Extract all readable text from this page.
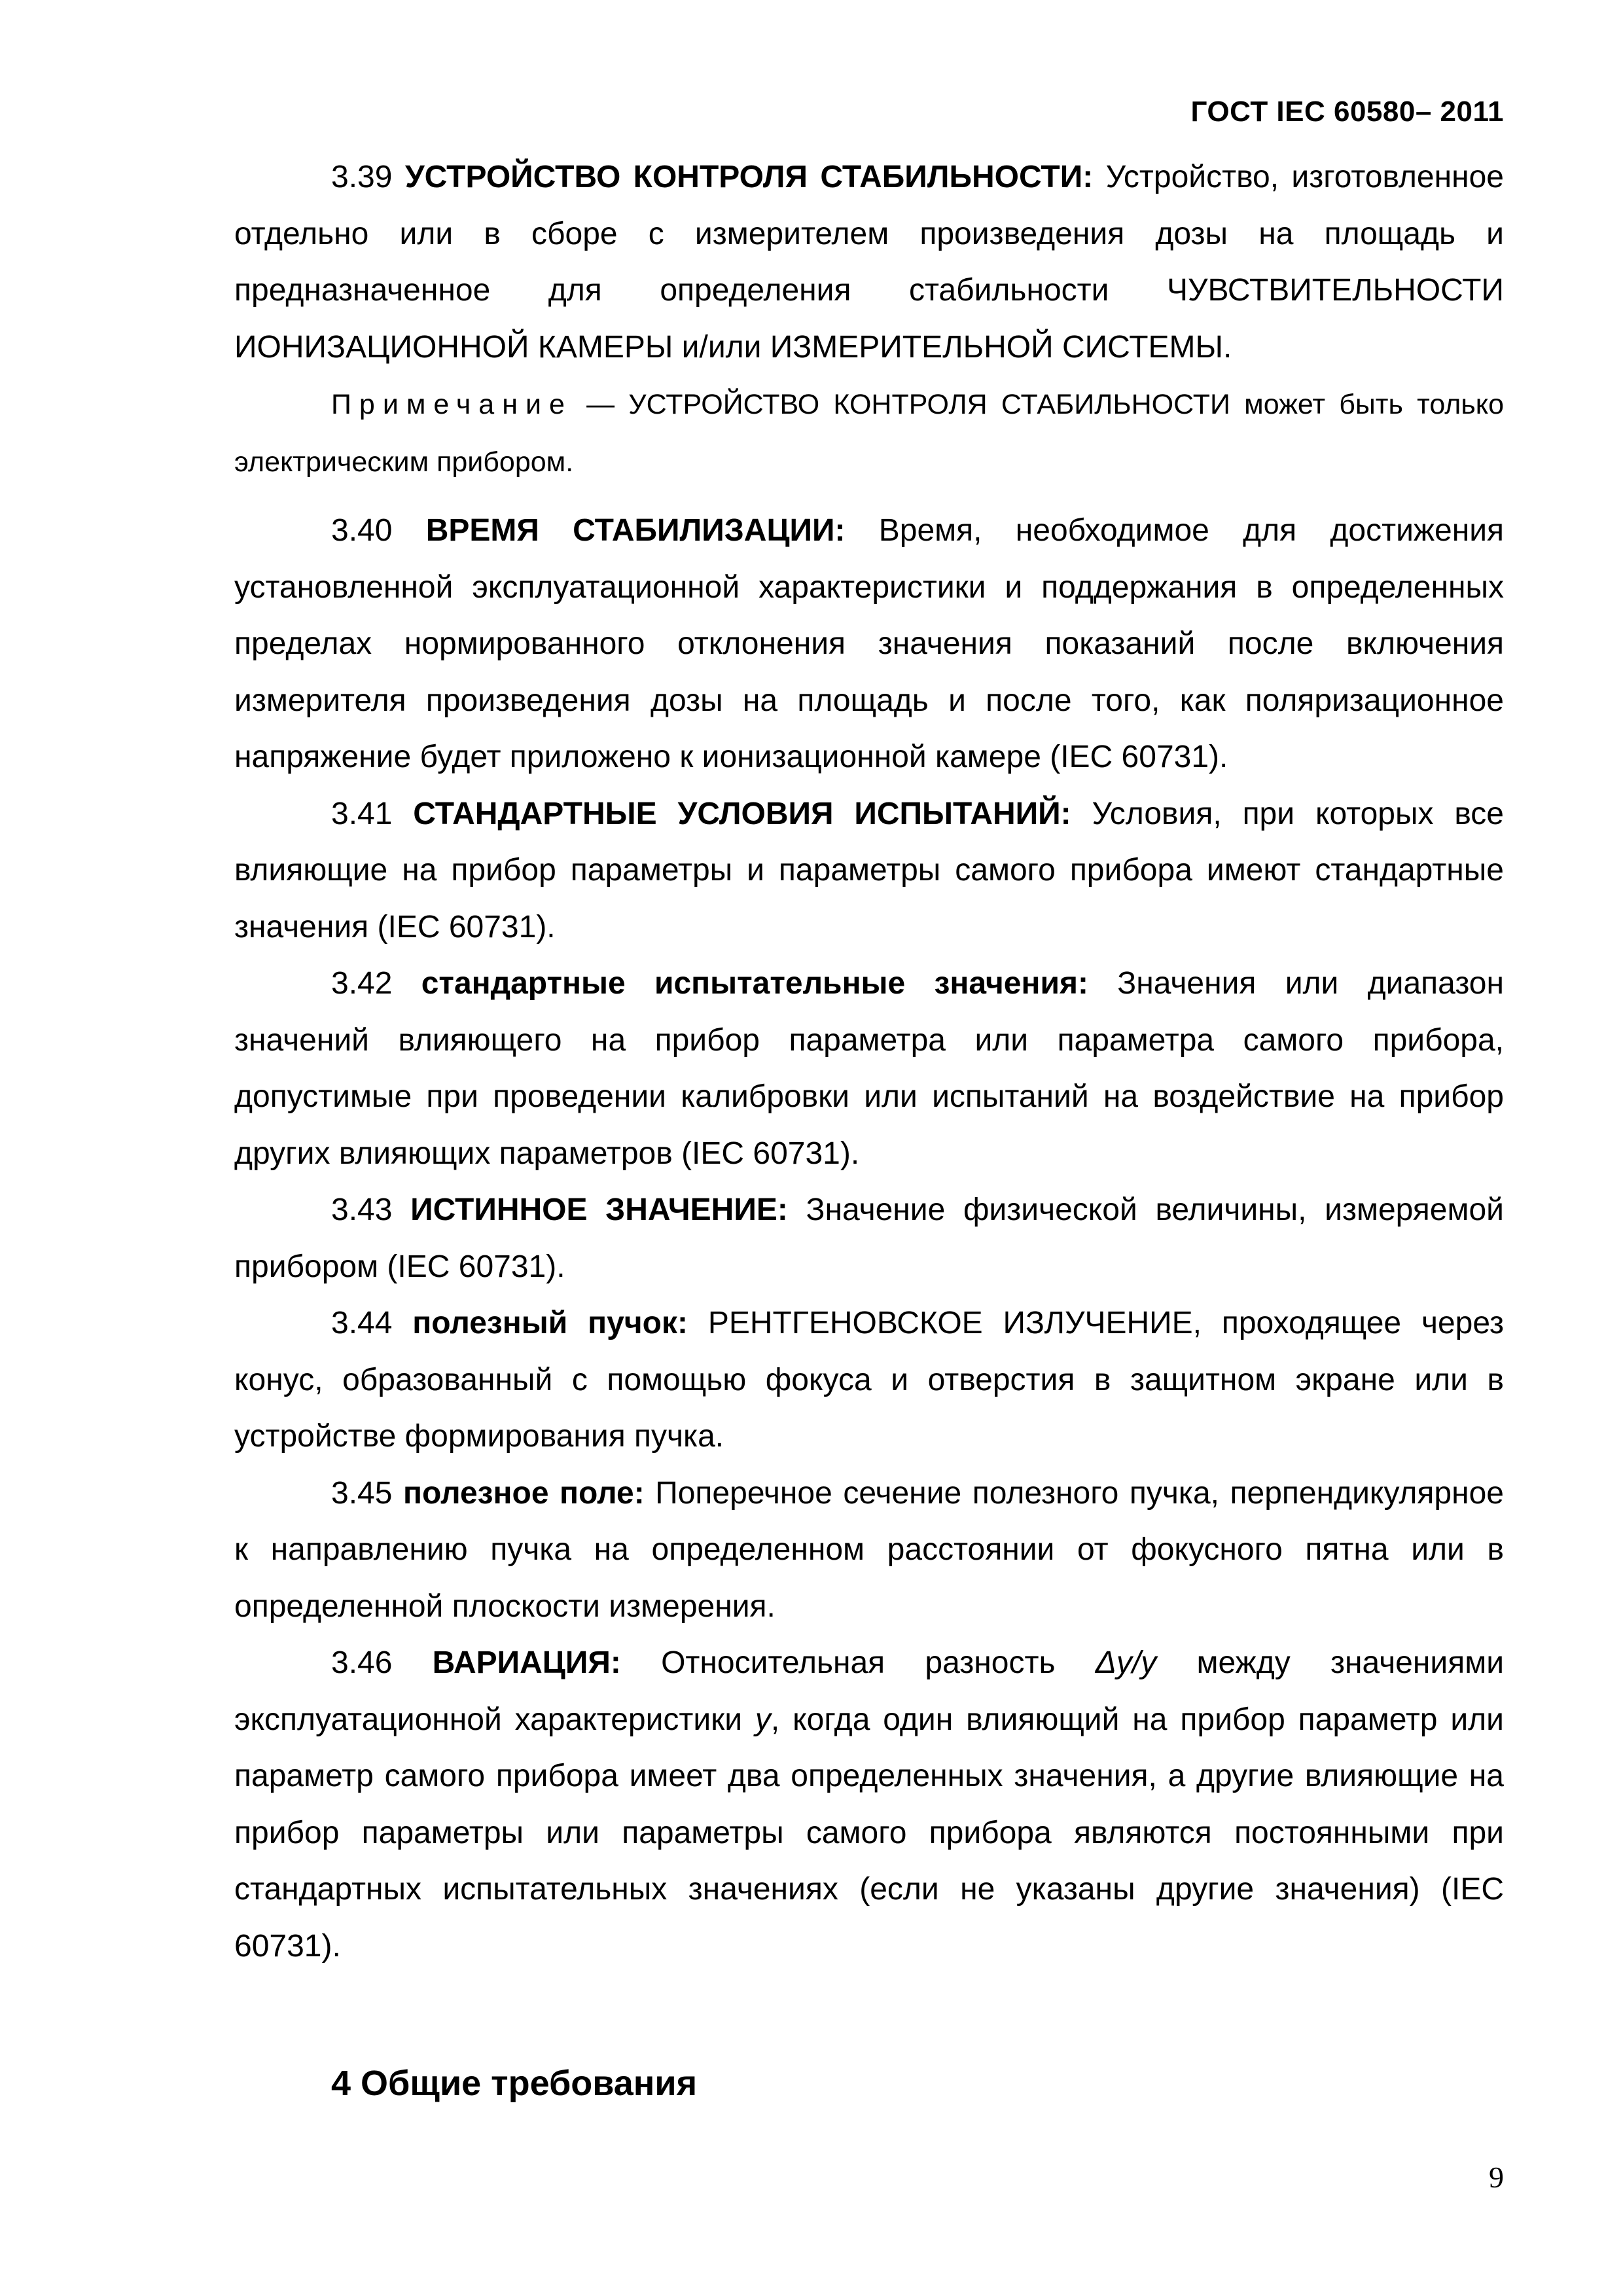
ГОСТ IEC 60580– 2011

3.39 УСТРОЙСТВО КОНТРОЛЯ СТАБИЛЬНОСТИ: Устройство, изготовленное отдельно или в сборе с измерителем произведения дозы на площадь и предназначенное для определения стабильности ЧУВСТВИТЕЛЬНОСТИ ИОНИЗАЦИОННОЙ КАМЕРЫ и/или ИЗМЕРИТЕЛЬНОЙ СИСТЕМЫ.

Примечание — УСТРОЙСТВО КОНТРОЛЯ СТАБИЛЬНОСТИ может быть только электрическим прибором.

3.40 ВРЕМЯ СТАБИЛИЗАЦИИ: Время, необходимое для достижения установленной эксплуатационной характеристики и поддержания в определенных пределах нормированного отклонения значения показаний после включения измерителя произведения дозы на площадь и после того, как поляризационное напряжение будет приложено к ионизационной камере (IEC 60731).

3.41 СТАНДАРТНЫЕ УСЛОВИЯ ИСПЫТАНИЙ: Условия, при которых все влияющие на прибор параметры и параметры самого прибора имеют стандартные значения (IEC 60731).

3.42 стандартные испытательные значения: Значения или диапазон значений влияющего на прибор параметра или параметра самого прибора, допустимые при проведении калибровки или испытаний на воздействие на прибор других влияющих параметров (IEC 60731).

3.43 ИСТИННОЕ ЗНАЧЕНИЕ: Значение физической величины, измеряемой прибором (IEC 60731).

3.44 полезный пучок: РЕНТГЕНОВСКОЕ ИЗЛУЧЕНИЕ, проходящее через конус, образованный с помощью фокуса и отверстия в защитном экране или в устройстве формирования пучка.

3.45 полезное поле: Поперечное сечение полезного пучка, перпендикулярное к направлению пучка на определенном расстоянии от фокусного пятна или в определенной плоскости измерения.

3.46 ВАРИАЦИЯ: Относительная разность Δy/y между значениями эксплуатационной характеристики y, когда один влияющий на прибор параметр или параметр самого прибора имеет два определенных значения, а другие влияющие на прибор параметры или параметры самого прибора являются постоянными при стандартных испытательных значениях (если не указаны другие значения) (IEC 60731).

4 Общие требования
9
